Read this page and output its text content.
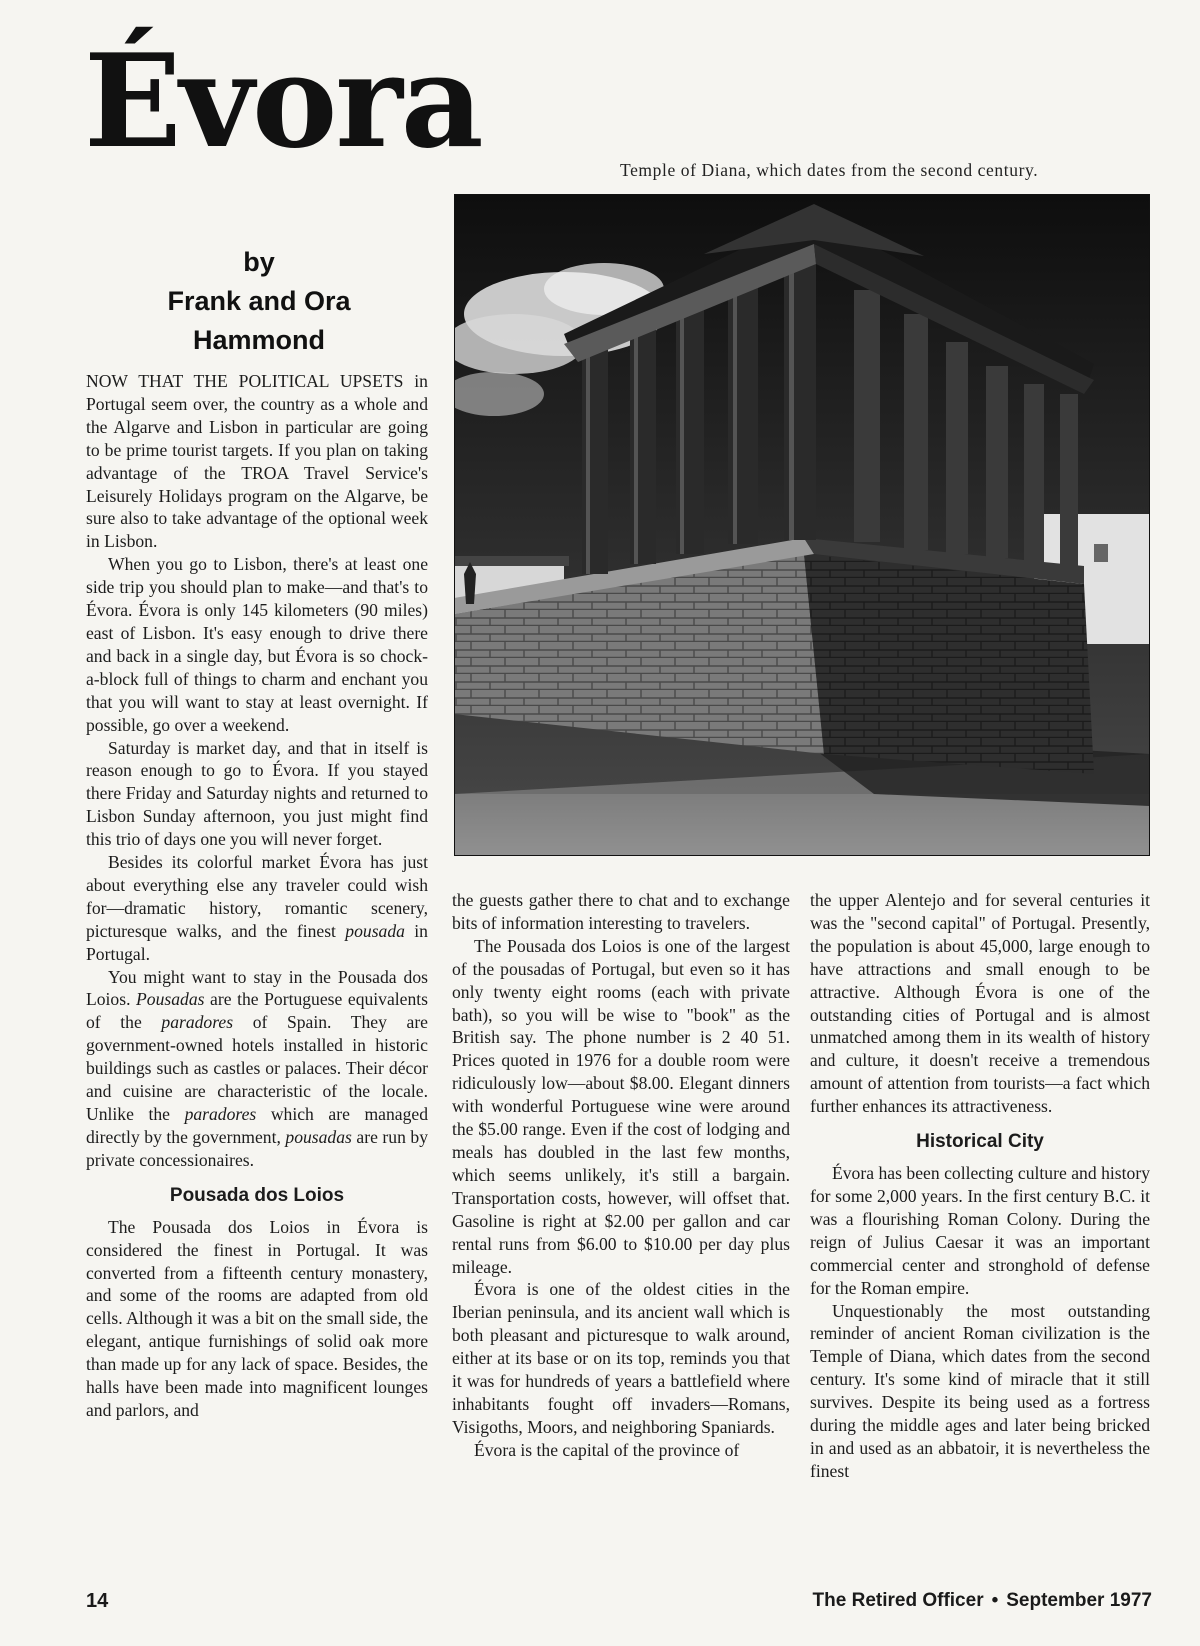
Évora
by
Frank and Ora
Hammond
Temple of Diana, which dates from the second century.

NOW THAT THE POLITICAL UPSETS in Portugal seem over, the country as a whole and the Algarve and Lisbon in particular are going to be prime tourist targets. If you plan on taking advantage of the TROA Travel Service's Leisurely Holidays program on the Algarve, be sure also to take advantage of the optional week in Lisbon.

When you go to Lisbon, there's at least one side trip you should plan to make—and that's to Évora. Évora is only 145 kilometers (90 miles) east of Lisbon. It's easy enough to drive there and back in a single day, but Évora is so chock-a-block full of things to charm and enchant you that you will want to stay at least overnight. If possible, go over a weekend.

Saturday is market day, and that in itself is reason enough to go to Évora. If you stayed there Friday and Saturday nights and returned to Lisbon Sunday afternoon, you just might find this trio of days one you will never forget.

Besides its colorful market Évora has just about everything else any traveler could wish for—dramatic history, romantic scenery, picturesque walks, and the finest pousada in Portugal.

You might want to stay in the Pousada dos Loios. Pousadas are the Portuguese equivalents of the paradores of Spain. They are government-owned hotels installed in historic buildings such as castles or palaces. Their décor and cuisine are characteristic of the locale. Unlike the paradores which are managed directly by the government, pousadas are run by private concessionaires.

Pousada dos Loios

The Pousada dos Loios in Évora is considered the finest in Portugal. It was converted from a fifteenth century monastery, and some of the rooms are adapted from old cells. Although it was a bit on the small side, the elegant, antique furnishings of solid oak more than made up for any lack of space. Besides, the halls have been made into magnificent lounges and parlors, and

the guests gather there to chat and to exchange bits of information interesting to travelers.

The Pousada dos Loios is one of the largest of the pousadas of Portugal, but even so it has only twenty eight rooms (each with private bath), so you will be wise to "book" as the British say. The phone number is 2 40 51. Prices quoted in 1976 for a double room were ridiculously low—about $8.00. Elegant dinners with wonderful Portuguese wine were around the $5.00 range. Even if the cost of lodging and meals has doubled in the last few months, which seems unlikely, it's still a bargain. Transportation costs, however, will offset that. Gasoline is right at $2.00 per gallon and car rental runs from $6.00 to $10.00 per day plus mileage.

Évora is one of the oldest cities in the Iberian peninsula, and its ancient wall which is both pleasant and picturesque to walk around, either at its base or on its top, reminds you that it was for hundreds of years a battlefield where inhabitants fought off invaders—Romans, Visigoths, Moors, and neighboring Spaniards.

Évora is the capital of the province of

the upper Alentejo and for several centuries it was the "second capital" of Portugal. Presently, the population is about 45,000, large enough to have attractions and small enough to be attractive. Although Évora is one of the outstanding cities of Portugal and is almost unmatched among them in its wealth of history and culture, it doesn't receive a tremendous amount of attention from tourists—a fact which further enhances its attractiveness.

Historical City

Évora has been collecting culture and history for some 2,000 years. In the first century B.C. it was a flourishing Roman Colony. During the reign of Julius Caesar it was an important commercial center and stronghold of defense for the Roman empire.

Unquestionably the most outstanding reminder of ancient Roman civilization is the Temple of Diana, which dates from the second century. It's some kind of miracle that it still survives. Despite its being used as a fortress during the middle ages and later being bricked in and used as an abbatoir, it is nevertheless the finest

14	The Retired Officer • September 1977
